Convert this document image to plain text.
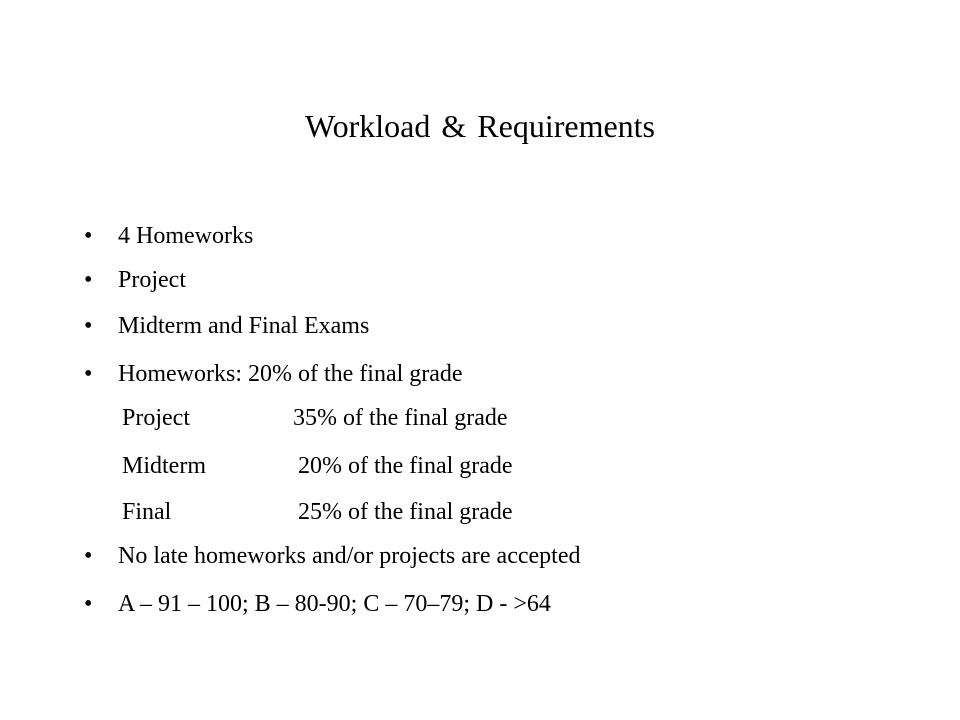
Workload & Requirements
• 4 Homeworks
• Project
• Midterm and Final Exams
• Homeworks: 20% of the final grade
Project	35% of the final grade
Midterm	20% of the final grade
Final	25% of the final grade
• No late homeworks and/or projects are accepted
• A – 91 – 100; B – 80-90; C – 70–79; D - >64
